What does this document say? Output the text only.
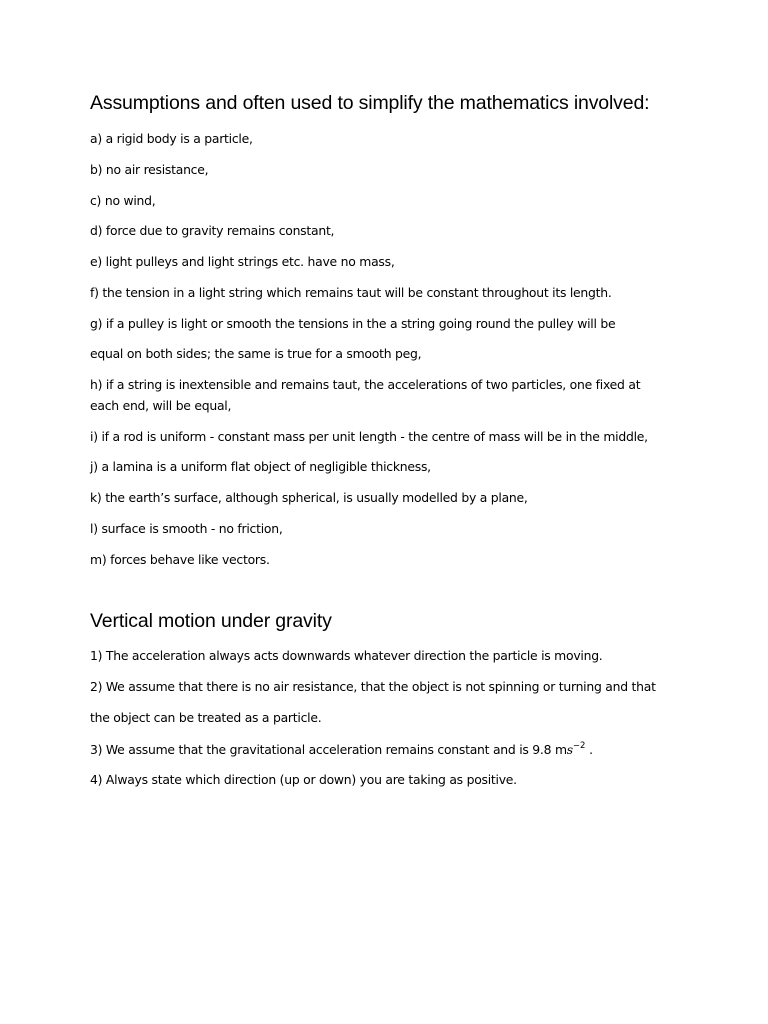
Assumptions and often used to simplify the mathematics involved:

a) a rigid body is a particle,

b) no air resistance,

c) no wind,

d) force due to gravity remains constant,

e) light pulleys and light strings etc. have no mass,

f) the tension in a light string which remains taut will be constant throughout its length.

g) if a pulley is light or smooth the tensions in the a string going round the pulley will be

equal on both sides; the same is true for a smooth peg,

h) if a string is inextensible and remains taut, the accelerations of two particles, one fixed at

each end, will be equal,

i) if a rod is uniform - constant mass per unit length - the centre of mass will be in the middle,

j) a lamina is a uniform flat object of negligible thickness,

k) the earth’s surface, although spherical, is usually modelled by a plane,

l) surface is smooth - no friction,

m) forces behave like vectors.

Vertical motion under gravity

1) The acceleration always acts downwards whatever direction the particle is moving.

2) We assume that there is no air resistance, that the object is not spinning or turning and that

the object can be treated as a particle.

3) We assume that the gravitational acceleration remains constant and is 9.8 $ms^{-2}$ .

4) Always state which direction (up or down) you are taking as positive.
